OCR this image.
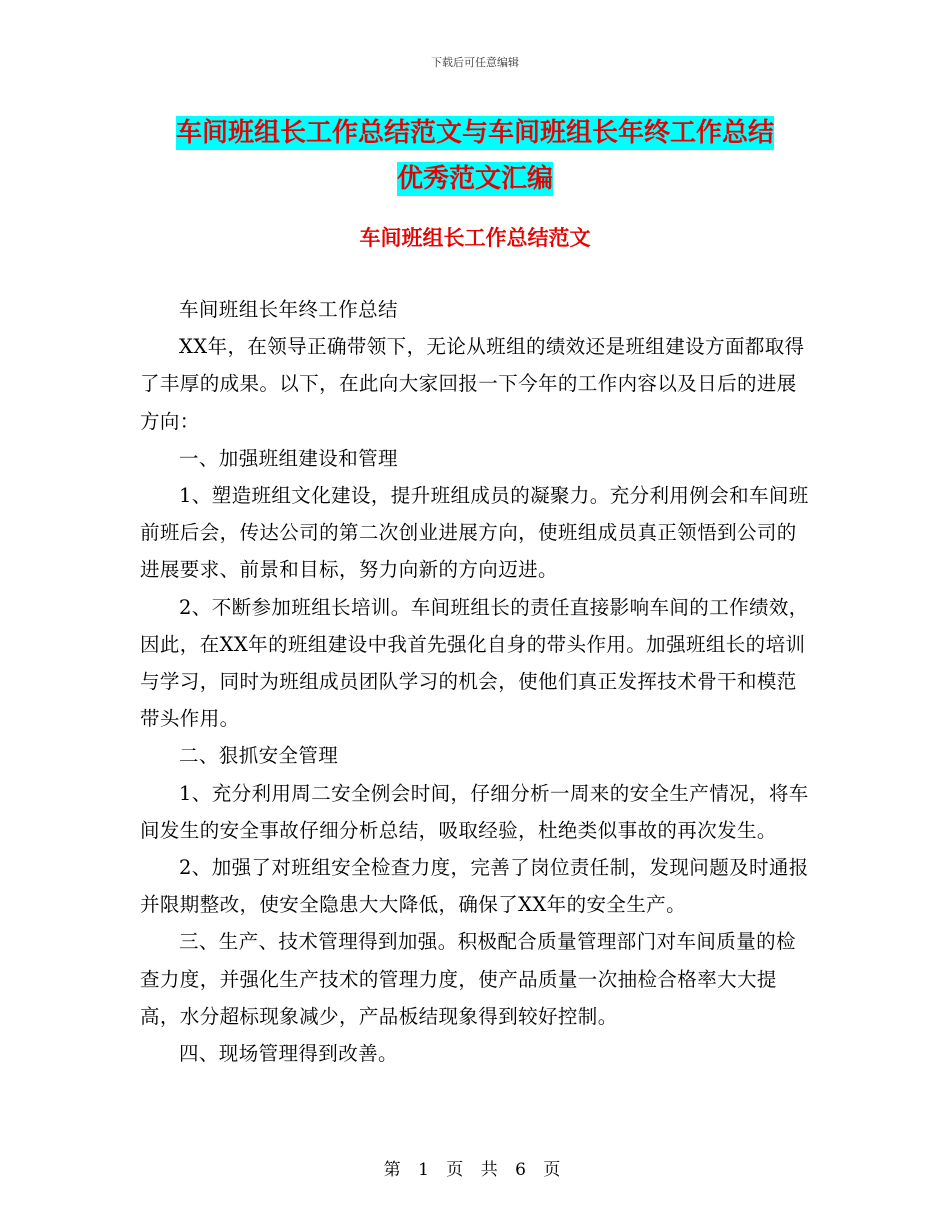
下载后可任意编辑
车间班组长工作总结范文与车间班组长年终工作总结
优秀范文汇编
车间班组长工作总结范文

车间班组长年终工作总结

XX年，在领导正确带领下，无论从班组的绩效还是班组建设方面都取得了丰厚的成果。以下，在此向大家回报一下今年的工作内容以及日后的进展方向：

一、加强班组建设和管理

1、塑造班组文化建设，提升班组成员的凝聚力。充分利用例会和车间班前班后会，传达公司的第二次创业进展方向，使班组成员真正领悟到公司的进展要求、前景和目标，努力向新的方向迈进。

2、不断参加班组长培训。车间班组长的责任直接影响车间的工作绩效，因此，在XX年的班组建设中我首先强化自身的带头作用。加强班组长的培训与学习，同时为班组成员团队学习的机会，使他们真正发挥技术骨干和模范带头作用。

二、狠抓安全管理

1、充分利用周二安全例会时间，仔细分析一周来的安全生产情况，将车间发生的安全事故仔细分析总结，吸取经验，杜绝类似事故的再次发生。

2、加强了对班组安全检查力度，完善了岗位责任制，发现问题及时通报并限期整改，使安全隐患大大降低，确保了XX年的安全生产。

三、生产、技术管理得到加强。积极配合质量管理部门对车间质量的检查力度，并强化生产技术的管理力度，使产品质量一次抽检合格率大大提高，水分超标现象减少，产品板结现象得到较好控制。

四、现场管理得到改善。

第 1 页 共 6 页
